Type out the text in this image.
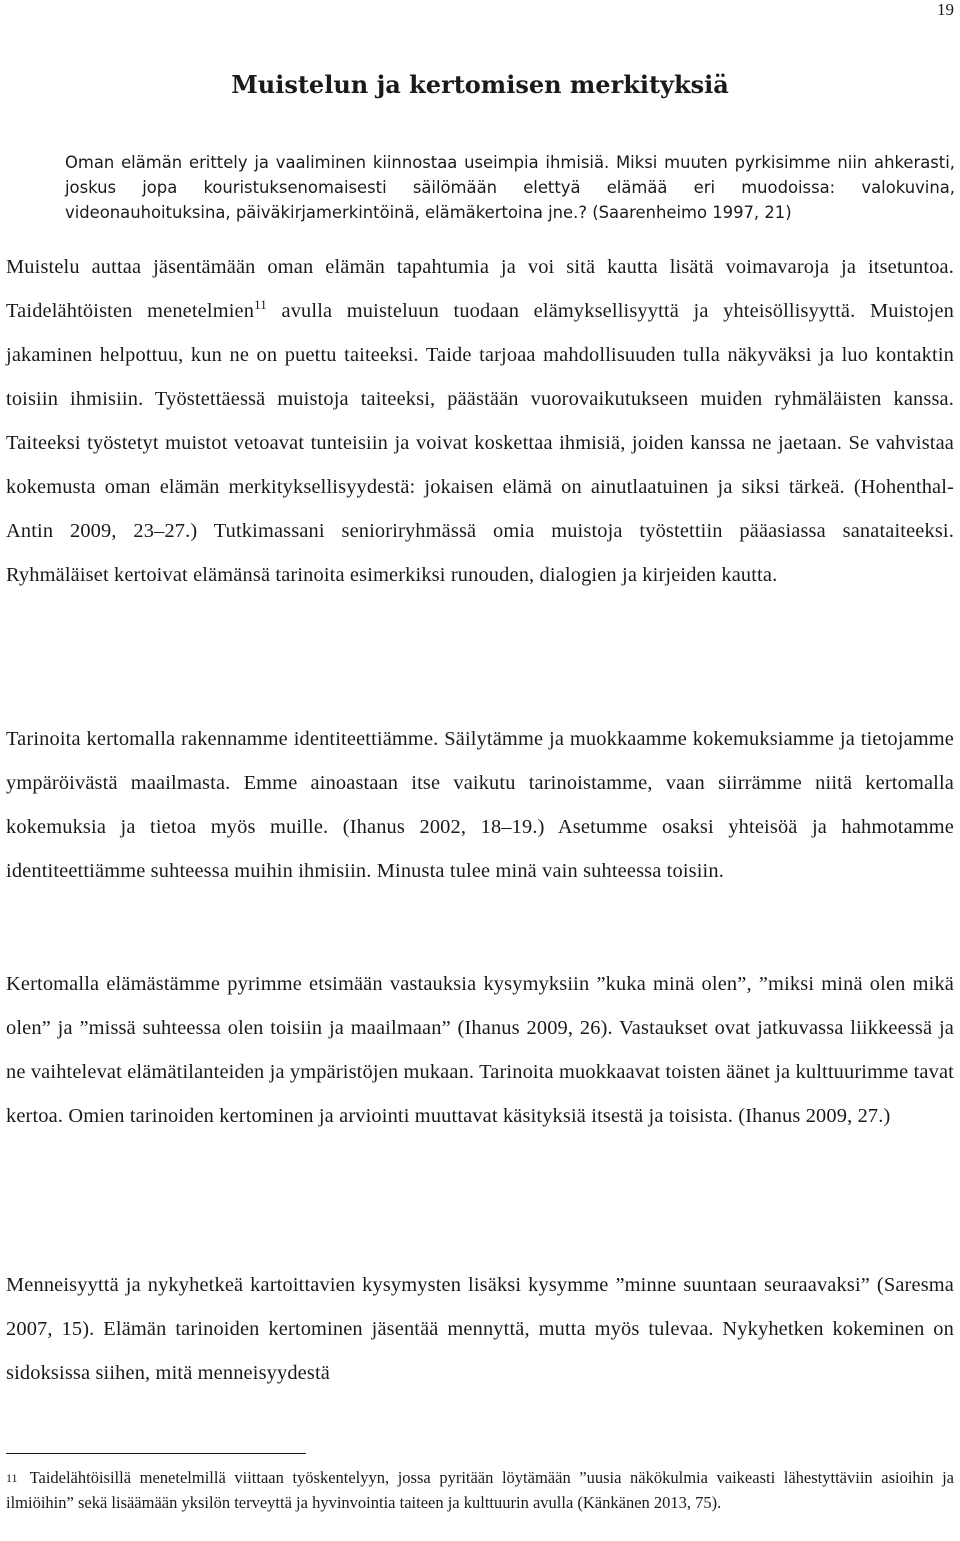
19
Muistelun ja kertomisen merkityksiä

Oman elämän erittely ja vaaliminen kiinnostaa useimpia ihmisiä. Miksi muuten pyrkisimme niin ahkerasti, joskus jopa kouristuksenomaisesti säilömään elettyä elämää eri muodoissa: valokuvina, videonauhoituksina, päiväkirjamerkintöinä, elämäkertoina jne.? (Saarenheimo 1997, 21)

Muistelu auttaa jäsentämään oman elämän tapahtumia ja voi sitä kautta lisätä voimavaroja ja itsetuntoa. Taidelähtöisten menetelmien$^{11}$ avulla muisteluun tuodaan elämyksellisyyttä ja yhteisöllisyyttä. Muistojen jakaminen helpottuu, kun ne on puettu taiteeksi. Taide tarjoaa mahdollisuuden tulla näkyväksi ja luo kontaktin toisiin ihmisiin. Työstettäessä muistoja taiteeksi, päästään vuorovaikutukseen muiden ryhmäläisten kanssa. Taiteeksi työstetyt muistot vetoavat tunteisiin ja voivat koskettaa ihmisiä, joiden kanssa ne jaetaan. Se vahvistaa kokemusta oman elämän merkityksellisyydestä: jokaisen elämä on ainutlaatuinen ja siksi tärkeä. (Hohenthal-Antin 2009, 23–27.) Tutkimassani senioriryhmässä omia muistoja työstettiin pääasiassa sanataiteeksi. Ryhmäläiset kertoivat elämänsä tarinoita esimerkiksi runouden, dialogien ja kirjeiden kautta.

Tarinoita kertomalla rakennamme identiteettiämme. Säilytämme ja muokkaamme kokemuksiamme ja tietojamme ympäröivästä maailmasta. Emme ainoastaan itse vaikutu tarinoistamme, vaan siirrämme niitä kertomalla kokemuksia ja tietoa myös muille. (Ihanus 2002, 18–19.) Asetumme osaksi yhteisöä ja hahmotamme identiteettiämme suhteessa muihin ihmisiin. Minusta tulee minä vain suhteessa toisiin.

Kertomalla elämästämme pyrimme etsimään vastauksia kysymyksiin ”kuka minä olen”, ”miksi minä olen mikä olen” ja ”missä suhteessa olen toisiin ja maailmaan” (Ihanus 2009, 26). Vastaukset ovat jatkuvassa liikkeessä ja ne vaihtelevat elämätilanteiden ja ympäristöjen mukaan. Tarinoita muokkaavat toisten äänet ja kulttuurimme tavat kertoa. Omien tarinoiden kertominen ja arviointi muuttavat käsityksiä itsestä ja toisista. (Ihanus 2009, 27.)

Menneisyyttä ja nykyhetkeä kartoittavien kysymysten lisäksi kysymme ”minne suuntaan seuraavaksi” (Saresma 2007, 15). Elämän tarinoiden kertominen jäsentää mennyttä, mutta myös tulevaa. Nykyhetken kokeminen on sidoksissa siihen, mitä menneisyydestä

$^{11}$ Taidelähtöisillä menetelmillä viittaan työskentelyyn, jossa pyritään löytämään ”uusia näkökulmia vaikeasti lähestyttäviin asioihin ja ilmiöihin” sekä lisäämään yksilön terveyttä ja hyvinvointia taiteen ja kulttuurin avulla (Känkänen 2013, 75).
